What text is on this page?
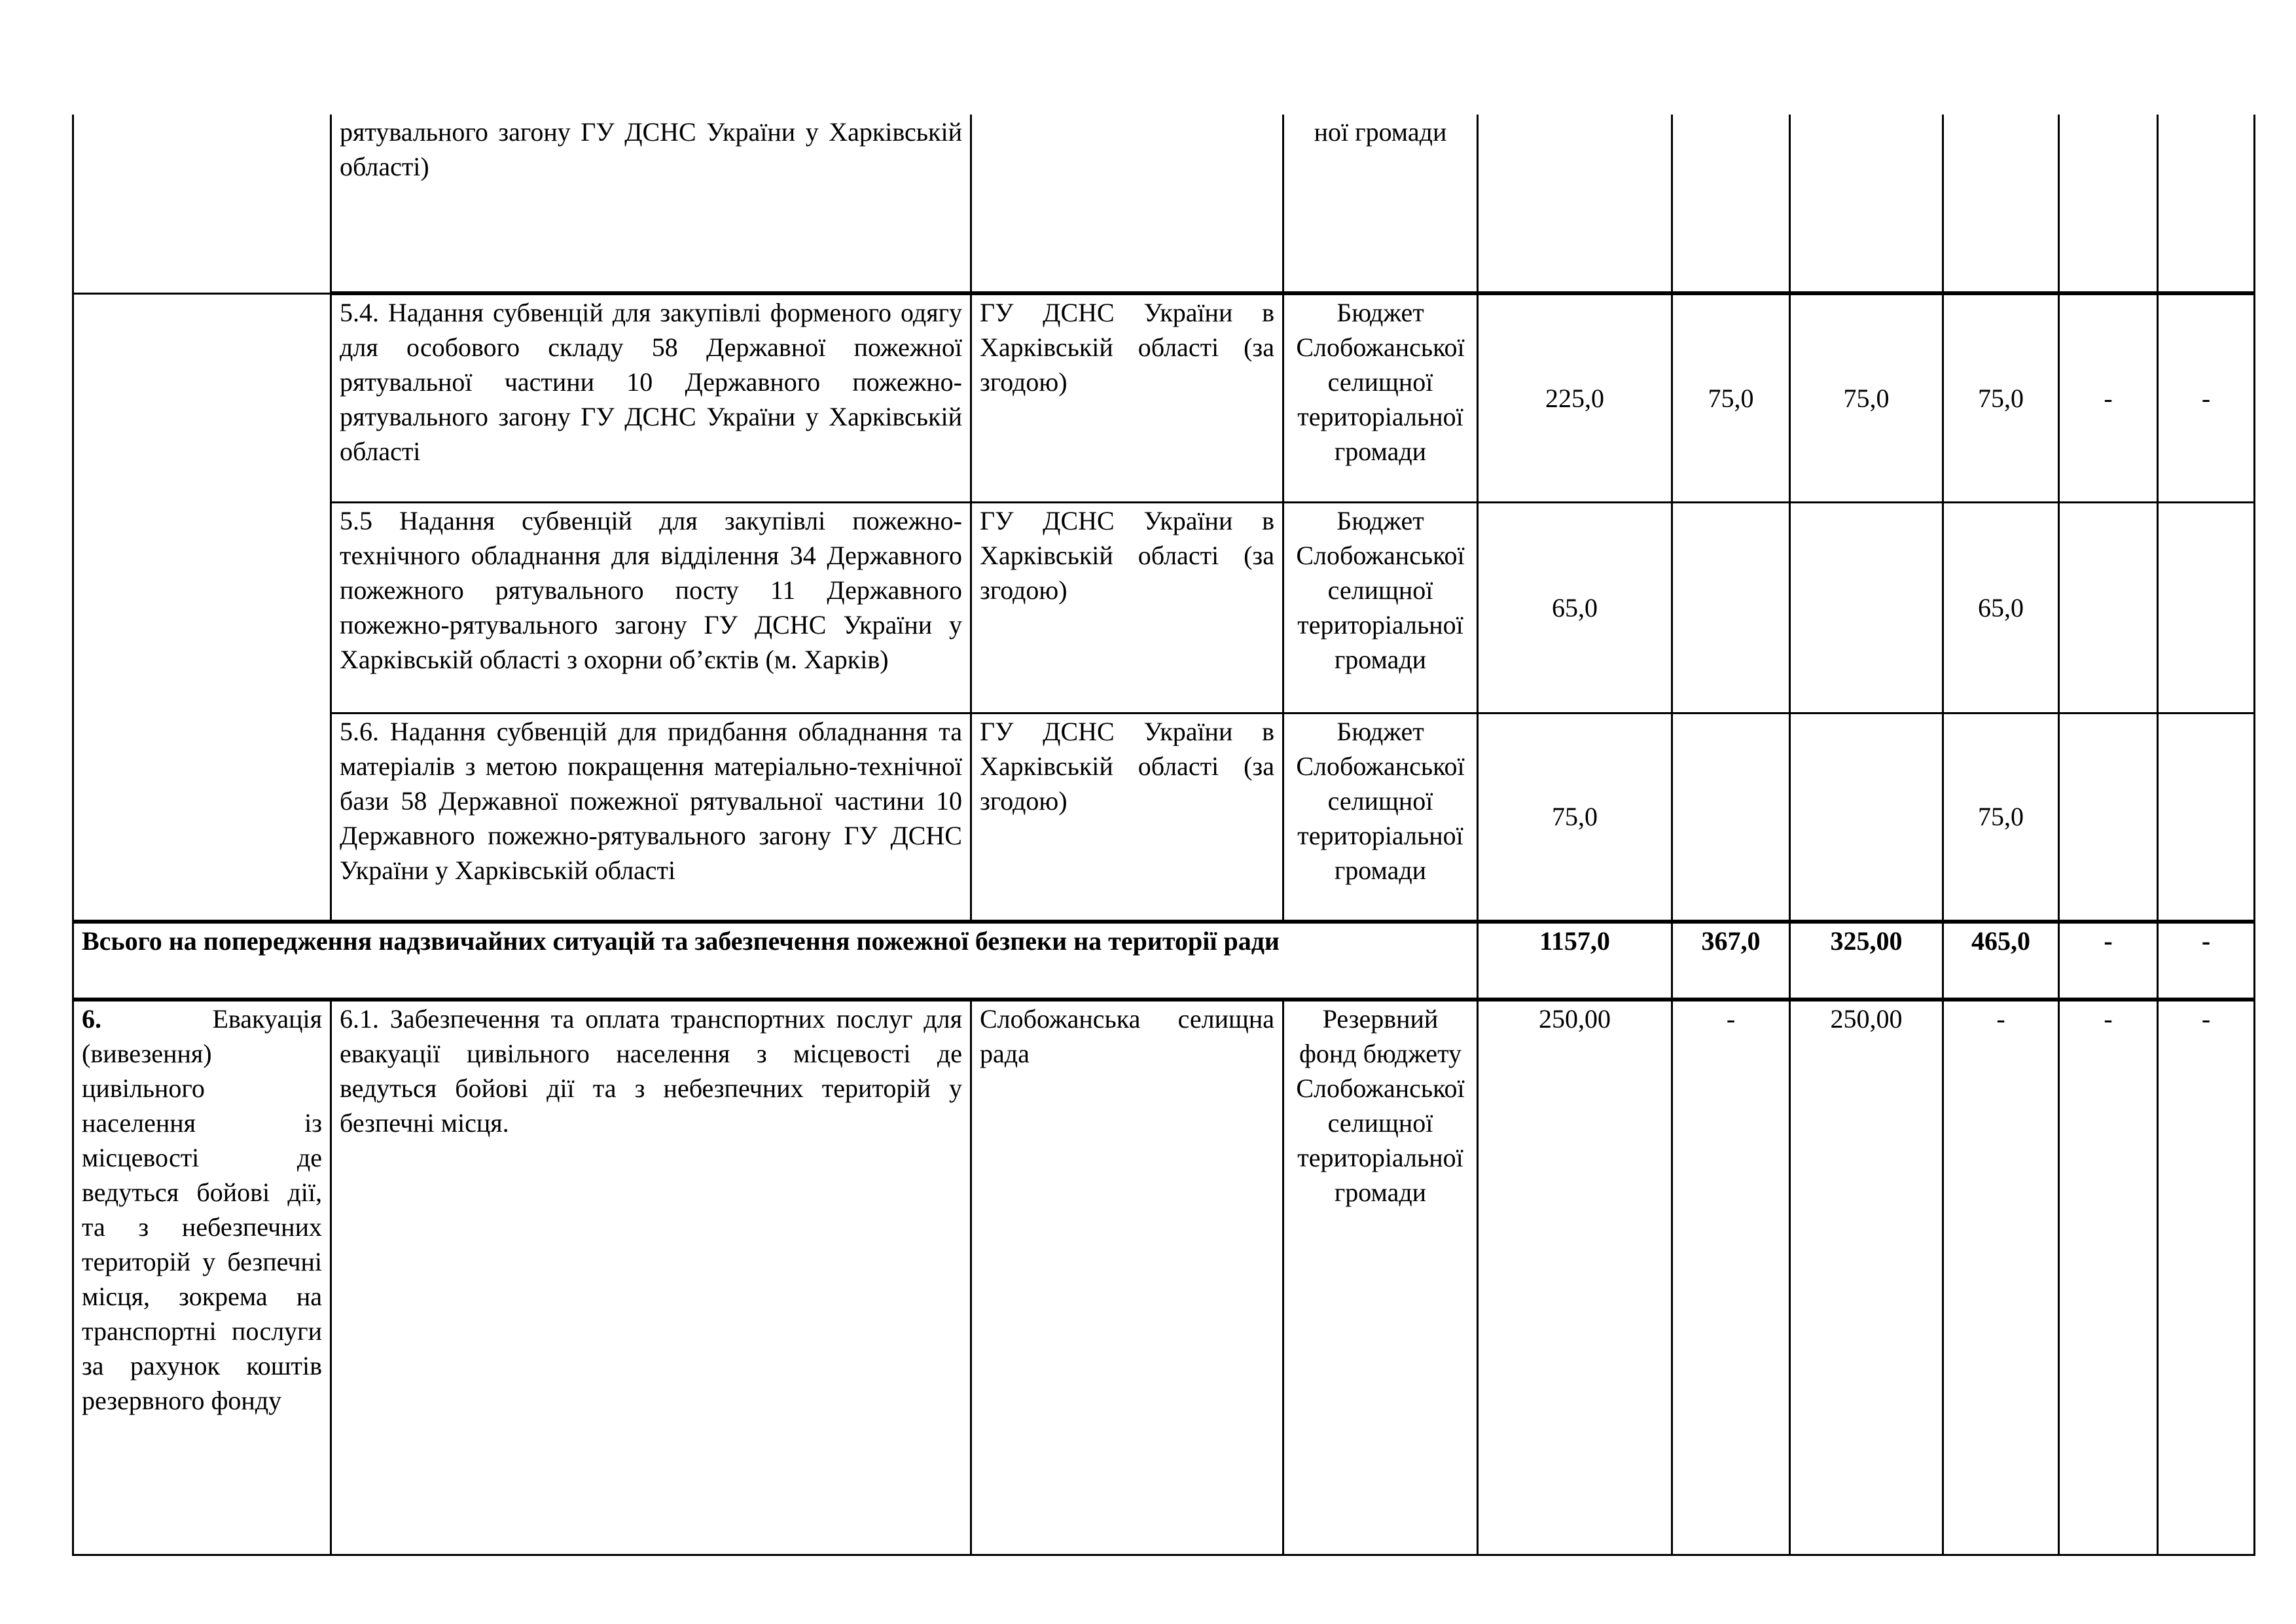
	рятувального загону ГУ ДСНС України у Харківській області)		ної громади						
	5.4. Надання субвенцій для закупівлі форменого одягу для особового складу 58 Державної пожежної рятувальної частини 10 Державного пожежно-рятувального загону ГУ ДСНС України у Харківській області	ГУ ДСНС України в Харківській області (за згодою)	Бюджет Слобожанської селищної територіальної громади	225,0	75,0	75,0	75,0	-	-
	5.5 Надання субвенцій для закупівлі пожежно-технічного обладнання для відділення 34 Державного пожежного рятувального посту 11 Державного пожежно-рятувального загону ГУ ДСНС України у Харківській області з охорни об’єктів (м. Харків)	ГУ ДСНС України в Харківській області (за згодою)	Бюджет Слобожанської селищної територіальної громади	65,0			65,0		
	5.6. Надання субвенцій для придбання обладнання та матеріалів з метою покращення матеріально-технічної бази 58 Державної пожежної рятувальної частини 10 Державного пожежно-рятувального загону ГУ ДСНС України у Харківській області	ГУ ДСНС України в Харківській області (за згодою)	Бюджет Слобожанської селищної територіальної громади	75,0			75,0		
Всього на попередження надзвичайних ситуацій та забезпечення пожежної безпеки на території ради				1157,0	367,0	325,00	465,0	-	-
6. Евакуація (вивезення) цивільного населення із місцевості де ведуться бойові дії, та з небезпечних територій у безпечні місця, зокрема на транспортні послуги за рахунок коштів резервного фонду	6.1. Забезпечення та оплата транспортних послуг для евакуації цивільного населення з місцевості де ведуться бойові дії та з небезпечних територій у безпечні місця.	Слобожанська селищна рада	Резервний фонд бюджету Слобожанської селищної територіальної громади	250,00	-	250,00	-	-	-
